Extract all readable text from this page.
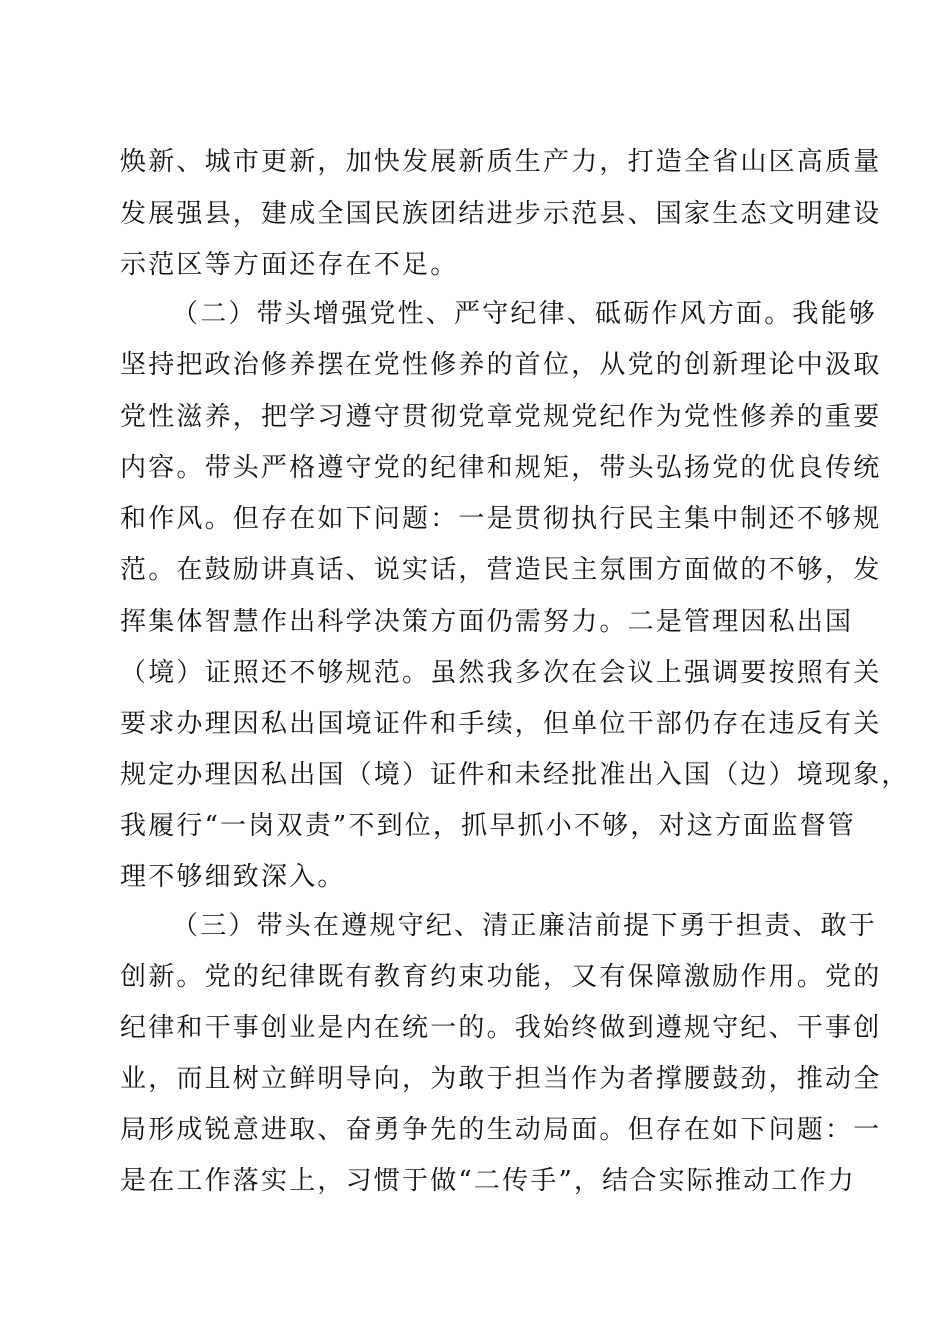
焕新、城市更新，加快发展新质生产力，打造全省山区高质量
发展强县，建成全国民族团结进步示范县、国家生态文明建设
示范区等方面还存在不足。
（二）带头增强党性、严守纪律、砥砺作风方面。我能够
坚持把政治修养摆在党性修养的首位，从党的创新理论中汲取
党性滋养，把学习遵守贯彻党章党规党纪作为党性修养的重要
内容。带头严格遵守党的纪律和规矩，带头弘扬党的优良传统
和作风。但存在如下问题：一是贯彻执行民主集中制还不够规
范。在鼓励讲真话、说实话，营造民主氛围方面做的不够，发
挥集体智慧作出科学决策方面仍需努力。二是管理因私出国
（境）证照还不够规范。虽然我多次在会议上强调要按照有关
要求办理因私出国境证件和手续，但单位干部仍存在违反有关
规定办理因私出国（境）证件和未经批准出入国（边）境现象，
我履行“一岗双责”不到位，抓早抓小不够，对这方面监督管
理不够细致深入。
（三）带头在遵规守纪、清正廉洁前提下勇于担责、敢于
创新。党的纪律既有教育约束功能，又有保障激励作用。党的
纪律和干事创业是内在统一的。我始终做到遵规守纪、干事创
业，而且树立鲜明导向，为敢于担当作为者撑腰鼓劲，推动全
局形成锐意进取、奋勇争先的生动局面。但存在如下问题：一
是在工作落实上，习惯于做“二传手”，结合实际推动工作力
